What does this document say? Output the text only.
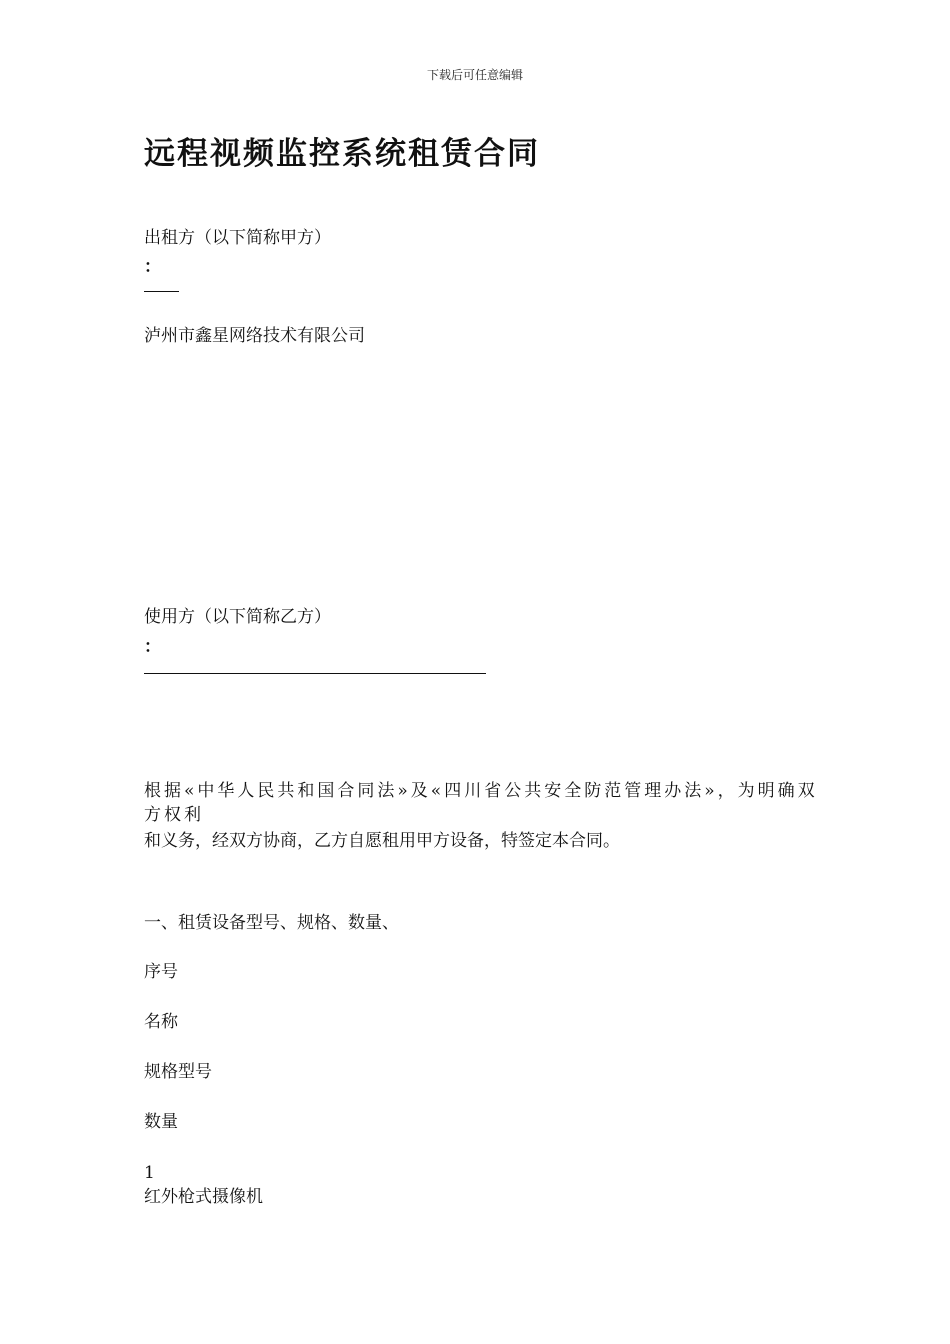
下载后可任意编辑
远程视频监控系统租赁合同
出租方（以下简称甲方）
：
泸州市鑫星网络技术有限公司
使用方（以下简称乙方）
：
根据«中华人民共和国合同法»及«四川省公共安全防范管理办法»，为明确双
方权利
和义务，经双方协商，乙方自愿租用甲方设备，特签定本合同。
一、租赁设备型号、规格、数量、
序号
名称
规格型号
数量
1
红外枪式摄像机
